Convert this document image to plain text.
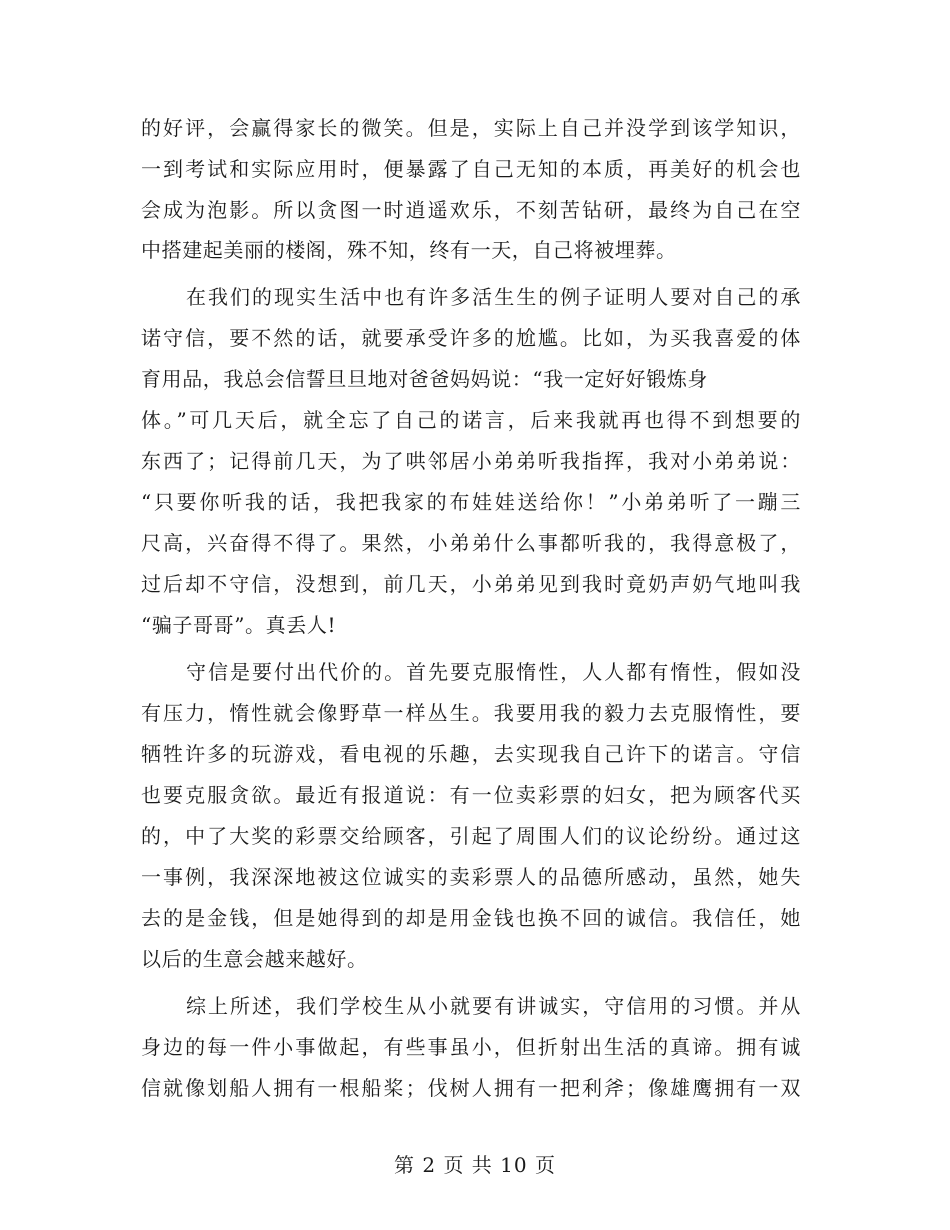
的好评，会赢得家长的微笑。但是，实际上自己并没学到该学知识，
一到考试和实际应用时，便暴露了自己无知的本质，再美好的机会也
会成为泡影。所以贪图一时逍遥欢乐，不刻苦钻研，最终为自己在空
中搭建起美丽的楼阁，殊不知，终有一天，自己将被埋葬。
在我们的现实生活中也有许多活生生的例子证明人要对自己的承
诺守信，要不然的话，就要承受许多的尬尴。比如，为买我喜爱的体
育用品，我总会信誓旦旦地对爸爸妈妈说：“我一定好好锻炼身
体。”可几天后，就全忘了自己的诺言，后来我就再也得不到想要的
东西了；记得前几天，为了哄邻居小弟弟听我指挥，我对小弟弟说：
“只要你听我的话，我把我家的布娃娃送给你！”小弟弟听了一蹦三
尺高，兴奋得不得了。果然，小弟弟什么事都听我的，我得意极了，
过后却不守信，没想到，前几天，小弟弟见到我时竟奶声奶气地叫我
“骗子哥哥”。真丢人!
守信是要付出代价的。首先要克服惰性，人人都有惰性，假如没
有压力，惰性就会像野草一样丛生。我要用我的毅力去克服惰性，要
牺牲许多的玩游戏，看电视的乐趣，去实现我自己许下的诺言。守信
也要克服贪欲。最近有报道说：有一位卖彩票的妇女，把为顾客代买
的，中了大奖的彩票交给顾客，引起了周围人们的议论纷纷。通过这
一事例，我深深地被这位诚实的卖彩票人的品德所感动，虽然，她失
去的是金钱，但是她得到的却是用金钱也换不回的诚信。我信任，她
以后的生意会越来越好。
综上所述，我们学校生从小就要有讲诚实，守信用的习惯。并从
身边的每一件小事做起，有些事虽小，但折射出生活的真谛。拥有诚
信就像划船人拥有一根船桨；伐树人拥有一把利斧；像雄鹰拥有一双
第 2 页 共 10 页
